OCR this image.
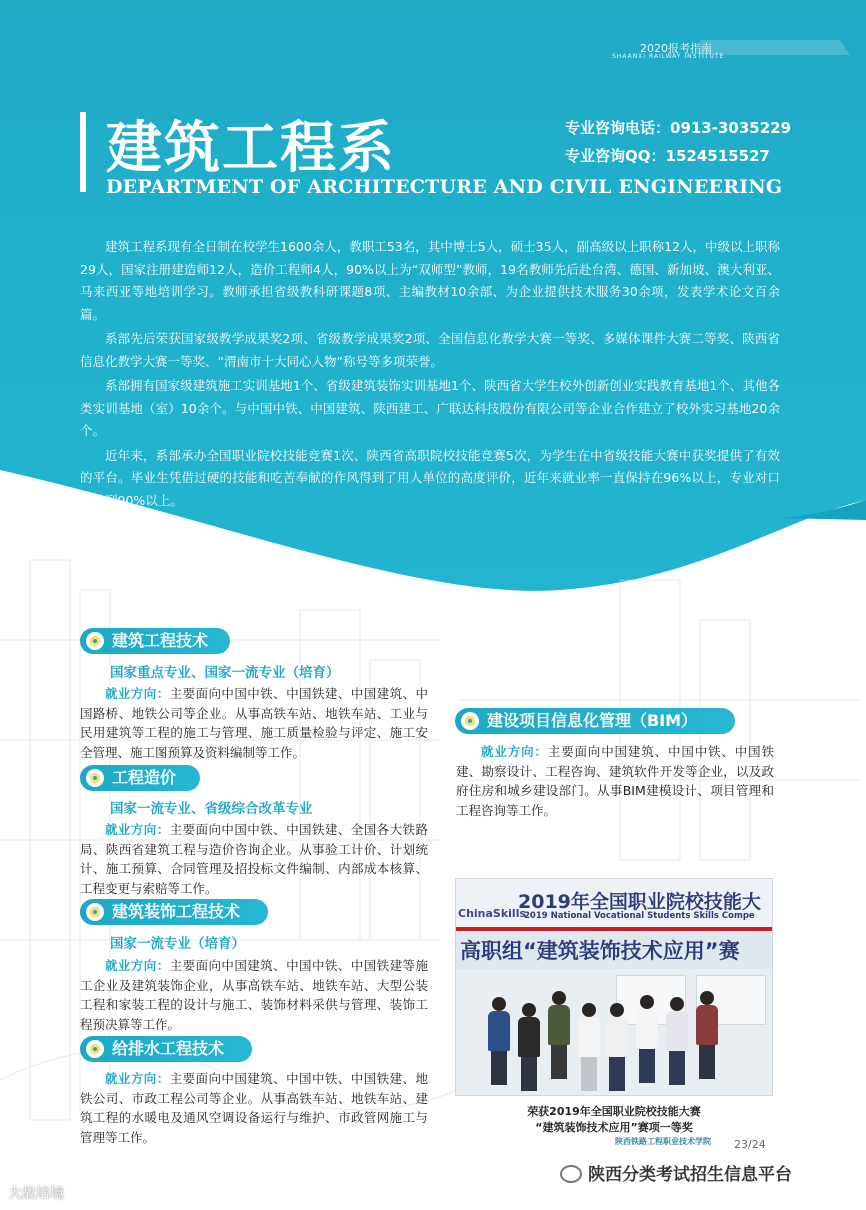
2020报考指南
SHAANXI RAILWAY INSTITUTE
建筑工程系
DEPARTMENT OF ARCHITECTURE AND CIVIL ENGINEERING
专业咨询电话：0913-3035229
专业咨询QQ：1524515527

建筑工程系现有全日制在校学生1600余人，教职工53名，其中博士5人，硕士35人，副高级以上职称12人，中级以上职称29人，国家注册建造师12人，造价工程师4人，90%以上为“双师型”教师，19名教师先后赴台湾、德国、新加坡、澳大利亚、马来西亚等地培训学习。教师承担省级教科研课题8项、主编教材10余部、为企业提供技术服务30余项，发表学术论文百余篇。

系部先后荣获国家级教学成果奖2项、省级教学成果奖2项、全国信息化教学大赛一等奖、多媒体课件大赛二等奖、陕西省信息化教学大赛一等奖、“渭南市十大同心人物”称号等多项荣誉。

系部拥有国家级建筑施工实训基地1个、省级建筑装饰实训基地1个、陕西省大学生校外创新创业实践教育基地1个、其他各类实训基地（室）10余个。与中国中铁、中国建筑、陕西建工、广联达科技股份有限公司等企业合作建立了校外实习基地20余个。

近年来，系部承办全国职业院校技能竞赛1次、陕西省高职院校技能竞赛5次，为学生在中省级技能大赛中获奖提供了有效的平台。毕业生凭借过硬的技能和吃苦奉献的作风得到了用人单位的高度评价，近年来就业率一直保持在96%以上，专业对口率达到90%以上。

建筑工程技术
国家重点专业、国家一流专业（培育）
就业方向：主要面向中国中铁、中国铁建、中国建筑、中国路桥、地铁公司等企业。从事高铁车站、地铁车站、工业与民用建筑等工程的施工与管理、施工质量检验与评定、施工安全管理、施工图预算及资料编制等工作。
工程造价
国家一流专业、省级综合改革专业
就业方向：主要面向中国中铁、中国铁建、全国各大铁路局、陕西省建筑工程与造价咨询企业。从事验工计价、计划统计、施工预算、合同管理及招投标文件编制、内部成本核算、工程变更与索赔等工作。
建筑装饰工程技术
国家一流专业（培育）
就业方向：主要面向中国建筑、中国中铁、中国铁建等施工企业及建筑装饰企业，从事高铁车站、地铁车站、大型公装工程和家装工程的设计与施工、装饰材料采供与管理、装饰工程预决算等工作。
给排水工程技术
就业方向：主要面向中国建筑、中国中铁、中国铁建、地铁公司、市政工程公司等企业。从事高铁车站、地铁车站、建筑工程的水暖电及通风空调设备运行与维护、市政管网施工与管理等工作。
建设项目信息化管理（BIM）
就业方向：主要面向中国建筑、中国中铁、中国铁建、勘察设计、工程咨询、建筑软件开发等企业，以及政府住房和城乡建设部门。从事BIM建模设计、项目管理和工程咨询等工作。
ChinaSkills
2019年全国职业院校技能大
2019 National Vocational Students Skills Compe
高职组“建筑装饰技术应用”赛
荣获2019年全国职业院校技能大赛
“建筑装饰技术应用”赛项一等奖
陕西铁路工程职业技术学院	23/24
陕西分类考试招生信息平台
大故培境
